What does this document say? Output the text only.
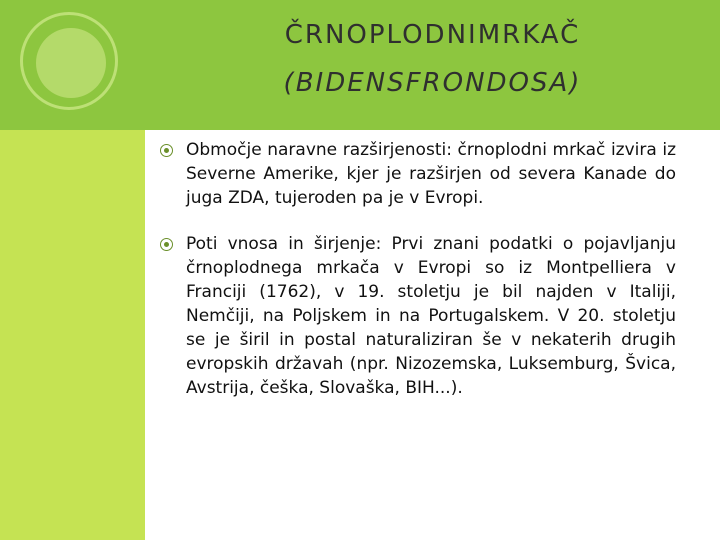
ČRNOPLODNIMRKAČ
(BIDENSFRONDOSA)
Območje naravne razširjenosti: črnoplodni mrkač izvira iz Severne Amerike, kjer je razširjen od severa Kanade do juga ZDA, tujeroden pa je v Evropi.
Poti vnosa in širjenje: Prvi znani podatki o pojavljanju črnoplodnega mrkača v Evropi so iz Montpelliera v Franciji (1762), v 19. stoletju je bil najden v Italiji, Nemčiji, na Poljskem in na Portugalskem. V 20. stoletju se je širil in postal naturaliziran še v nekaterih drugih evropskih državah (npr. Nizozemska, Luksemburg, Švica, Avstrija, češka, Slovaška, BIH...).
